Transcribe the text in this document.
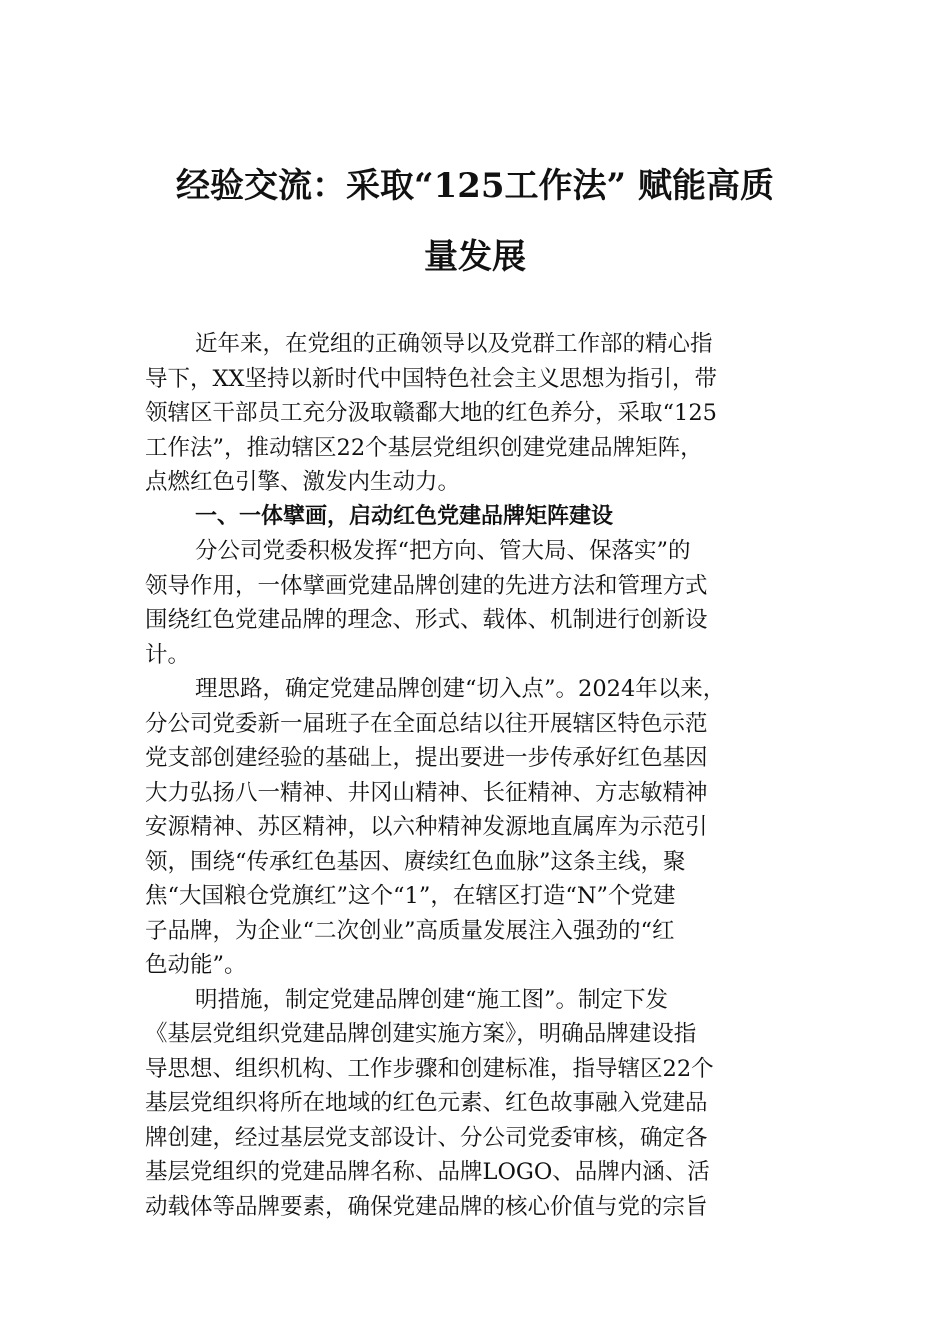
经验交流：采取“125工作法” 赋能高质
量发展
近年来，在党组的正确领导以及党群工作部的精心指
导下，XX坚持以新时代中国特色社会主义思想为指引，带
领辖区干部员工充分汲取赣鄱大地的红色养分，采取“125
工作法”，推动辖区22个基层党组织创建党建品牌矩阵，
点燃红色引擎、激发内生动力。
一、一体擘画，启动红色党建品牌矩阵建设
分公司党委积极发挥“把方向、管大局、保落实”的
领导作用，一体擘画党建品牌创建的先进方法和管理方式
围绕红色党建品牌的理念、形式、载体、机制进行创新设
计。
理思路，确定党建品牌创建“切入点”。2024年以来，
分公司党委新一届班子在全面总结以往开展辖区特色示范
党支部创建经验的基础上，提出要进一步传承好红色基因
大力弘扬八一精神、井冈山精神、长征精神、方志敏精神
安源精神、苏区精神，以六种精神发源地直属库为示范引
领，围绕“传承红色基因、赓续红色血脉”这条主线，聚
焦“大国粮仓党旗红”这个“1”，在辖区打造“N”个党建
子品牌，为企业“二次创业”高质量发展注入强劲的“红
色动能”。
明措施，制定党建品牌创建“施工图”。制定下发
《基层党组织党建品牌创建实施方案》，明确品牌建设指
导思想、组织机构、工作步骤和创建标准，指导辖区22个
基层党组织将所在地域的红色元素、红色故事融入党建品
牌创建，经过基层党支部设计、分公司党委审核，确定各
基层党组织的党建品牌名称、品牌LOGO、品牌内涵、活
动载体等品牌要素，确保党建品牌的核心价值与党的宗旨
